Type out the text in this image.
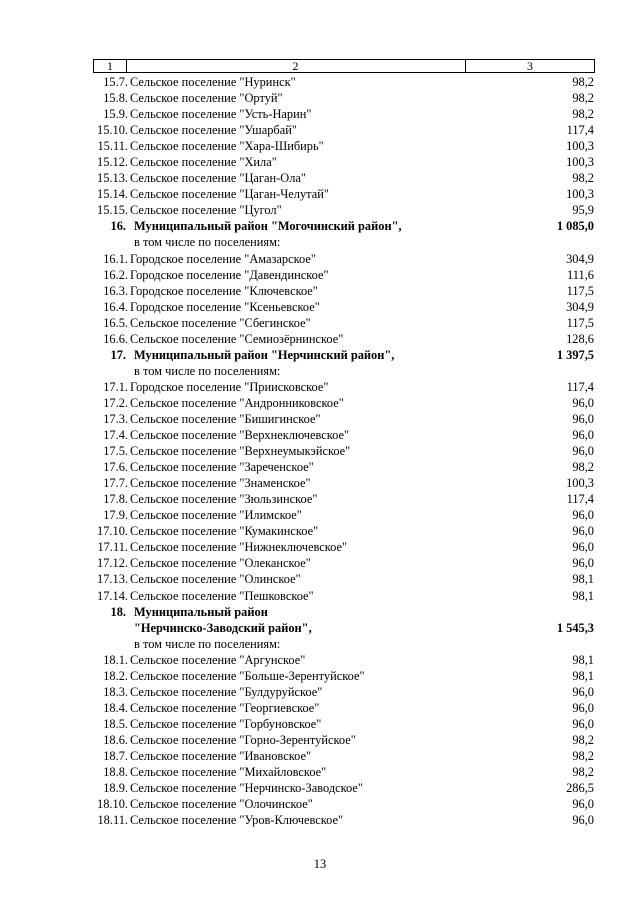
1	2	3
15.7. Сельское поселение "Нуринск"	98,2
15.8. Сельское поселение "Ортуй"	98,2
15.9. Сельское поселение "Усть-Нарин"	98,2
15.10. Сельское поселение "Ушарбай"	117,4
15.11. Сельское поселение "Хара-Шибирь"	100,3
15.12. Сельское поселение "Хила"	100,3
15.13. Сельское поселение "Цаган-Ола"	98,2
15.14. Сельское поселение "Цаган-Челутай"	100,3
15.15. Сельское поселение "Цугол"	95,9
16. Муниципальный район "Могочинский район",	1 085,0
в том числе по поселениям:
16.1. Городское поселение "Амазарское"	304,9
16.2. Городское поселение "Давендинское"	111,6
16.3. Городское поселение "Ключевское"	117,5
16.4. Городское поселение "Ксеньевское"	304,9
16.5. Сельское поселение "Сбегинское"	117,5
16.6. Сельское поселение "Семиозёрнинское"	128,6
17. Муниципальный район "Нерчинский район",	1 397,5
в том числе по поселениям:
17.1. Городское поселение "Приисковское"	117,4
17.2. Сельское поселение "Андронниковское"	96,0
17.3. Сельское поселение "Бишигинское"	96,0
17.4. Сельское поселение "Верхнеключевское"	96,0
17.5. Сельское поселение "Верхнеумыкэйское"	96,0
17.6. Сельское поселение "Зареченское"	98,2
17.7. Сельское поселение "Знаменское"	100,3
17.8. Сельское поселение "Зюльзинское"	117,4
17.9. Сельское поселение "Илимское"	96,0
17.10. Сельское поселение "Кумакинское"	96,0
17.11. Сельское поселение "Нижнеключевское"	96,0
17.12. Сельское поселение "Олеканское"	96,0
17.13. Сельское поселение "Олинское"	98,1
17.14. Сельское поселение "Пешковское"	98,1
18. Муниципальный район
"Нерчинско-Заводский район",	1 545,3
в том числе по поселениям:
18.1. Сельское поселение "Аргунское"	98,1
18.2. Сельское поселение "Больше-Зерентуйское"	98,1
18.3. Сельское поселение "Булдуруйское"	96,0
18.4. Сельское поселение "Георгиевское"	96,0
18.5. Сельское поселение "Горбуновское"	96,0
18.6. Сельское поселение "Горно-Зерентуйское"	98,2
18.7. Сельское поселение "Ивановское"	98,2
18.8. Сельское поселение "Михайловское"	98,2
18.9. Сельское поселение "Нерчинско-Заводское"	286,5
18.10. Сельское поселение "Олочинское"	96,0
18.11. Сельское поселение "Уров-Ключевское"	96,0
13
